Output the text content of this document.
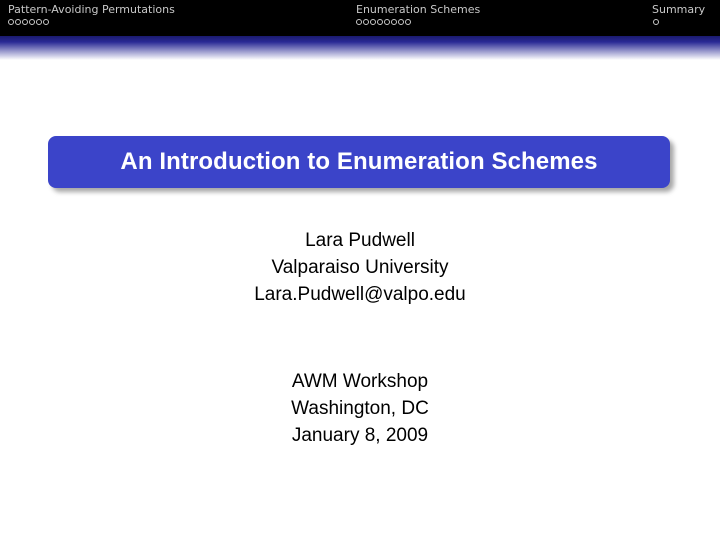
Pattern-Avoiding Permutations	Enumeration Schemes	Summary
An Introduction to Enumeration Schemes
Lara Pudwell
Valparaiso University
Lara.Pudwell@valpo.edu
AWM Workshop
Washington, DC
January 8, 2009
